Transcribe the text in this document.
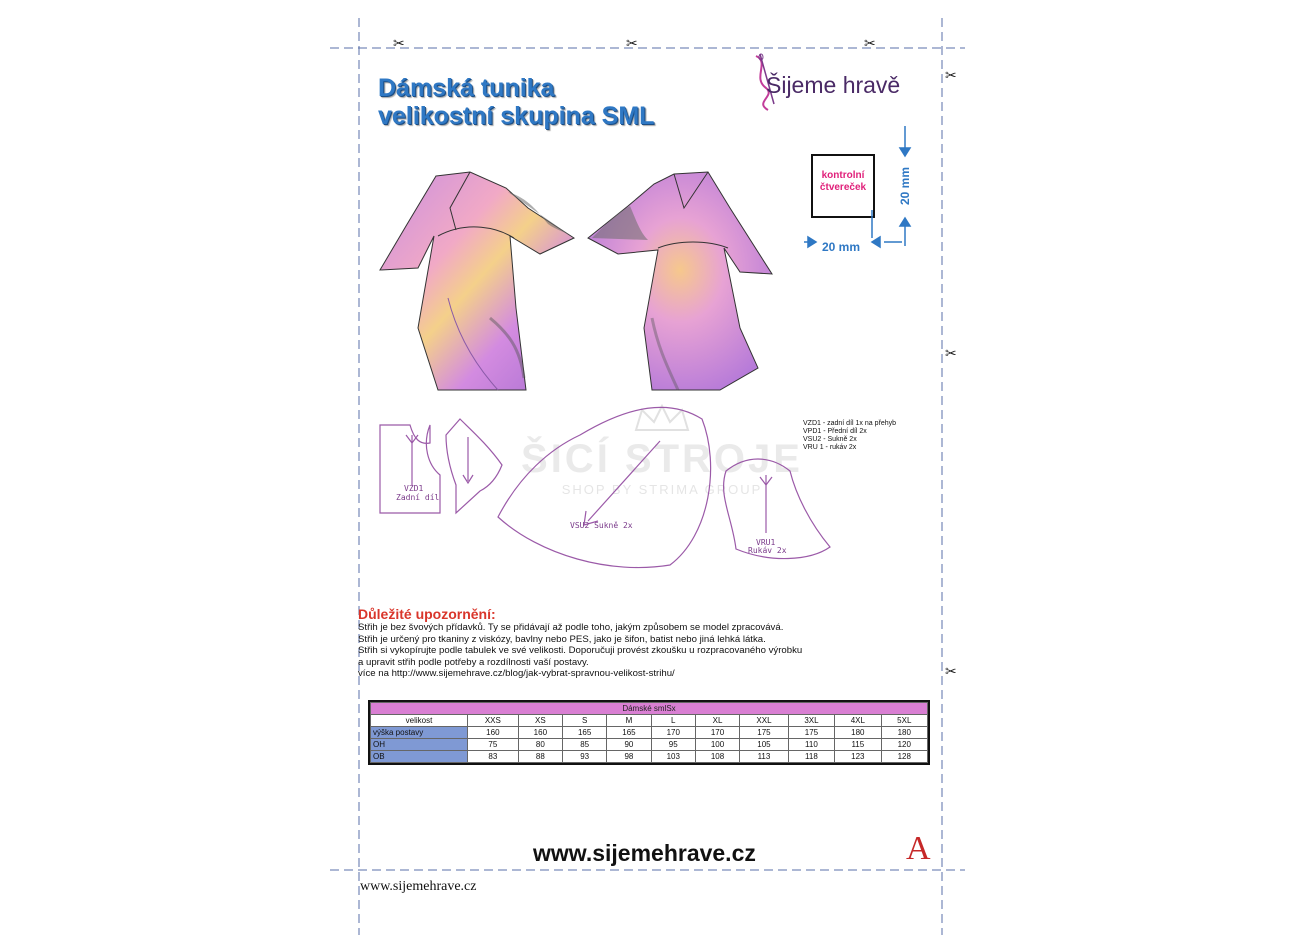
✂	✂	✂
✂
✂
✂
Dámská tunika
velikostní skupina SML
Šijeme hravě
kontrolní
čtvereček	20 mm
20 mm
ŠICÍ STROJE
SHOP BY STRIMA GROUP
VZD1 - zadní díl 1x na přehyb
VPD1 - Přední díl 2x
VSU2 - Sukně 2x
VRU 1 - rukáv 2x
VZD1
Zadní díl
VSU2 Sukně 2x
VRU1
Rukáv 2x
Důležité upozornění:
Střih je bez švových přídavků. Ty se přidávají až podle toho, jakým způsobem se model zpracovává.
Střih je určený pro tkaniny z viskózy, bavlny nebo PES, jako je šifon, batist nebo jiná lehká látka.
Střih si vykopírujte podle tabulek ve své velikosti. Doporučuji provést zkoušku u rozpracovaného výrobku
a upravit střih podle potřeby a rozdílnosti vaší postavy.
více na http://www.sijemehrave.cz/blog/jak-vybrat-spravnou-velikost-strihu/
Dámské smlSx										
velikost	XXS	XS	S	M	L	XL	XXL	3XL	4XL	5XL
výška postavy	160	160	165	165	170	170	175	175	180	180
OH	75	80	85	90	95	100	105	110	115	120
OB	83	88	93	98	103	108	113	118	123	128
www.sijemehrave.cz	A
www.sijemehrave.cz
